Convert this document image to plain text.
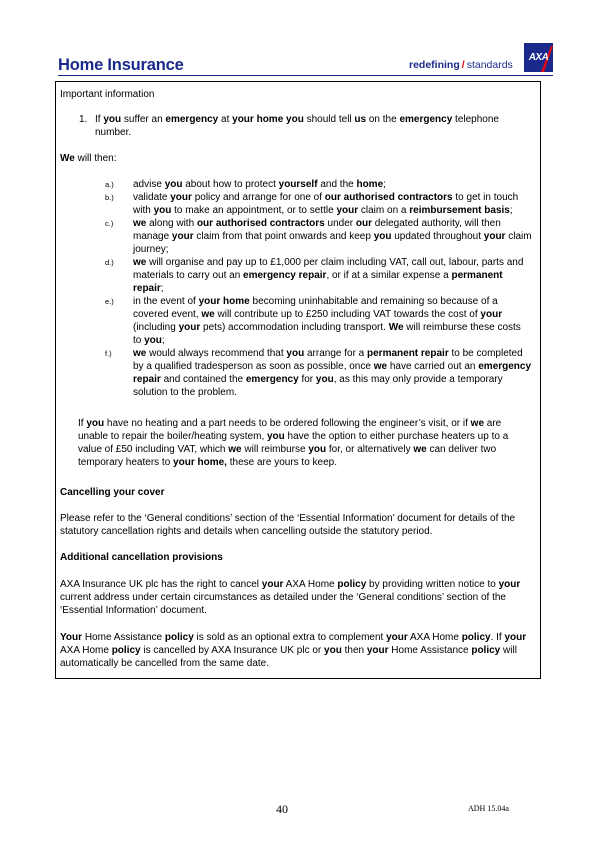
Home Insurance	redefining / standards
AXA
Important information
1. If you suffer an emergency at your home you should tell us on the emergency telephone
number.
We will then:
a.) advise you about how to protect yourself and the home;
b.) validate your policy and arrange for one of our authorised contractors to get in touch
with you to make an appointment, or to settle your claim on a reimbursement basis;
c.) we along with our authorised contractors under our delegated authority, will then
manage your claim from that point onwards and keep you updated throughout your claim
journey;
d.) we will organise and pay up to £1,000 per claim including VAT, call out, labour, parts and
materials to carry out an emergency repair, or if at a similar expense a permanent
repair;
e.) in the event of your home becoming uninhabitable and remaining so because of a
covered event, we will contribute up to £250 including VAT towards the cost of your
(including your pets) accommodation including transport. We will reimburse these costs
to you;
f.) we would always recommend that you arrange for a permanent repair to be completed
by a qualified tradesperson as soon as possible, once we have carried out an emergency
repair and contained the emergency for you, as this may only provide a temporary
solution to the problem.
If you have no heating and a part needs to be ordered following the engineer’s visit, or if we are
unable to repair the boiler/heating system, you have the option to either purchase heaters up to a
value of £50 including VAT, which we will reimburse you for, or alternatively we can deliver two
temporary heaters to your home, these are yours to keep.
Cancelling your cover
Please refer to the ‘General conditions’ section of the ‘Essential Information’ document for details of the
statutory cancellation rights and details when cancelling outside the statutory period.
Additional cancellation provisions
AXA Insurance UK plc has the right to cancel your AXA Home policy by providing written notice to your
current address under certain circumstances as detailed under the ‘General conditions’ section of the
‘Essential Information’ document.
Your Home Assistance policy is sold as an optional extra to complement your AXA Home policy. If your
AXA Home policy is cancelled by AXA Insurance UK plc or you then your Home Assistance policy will
automatically be cancelled from the same date.
40	ADH 15.04a
